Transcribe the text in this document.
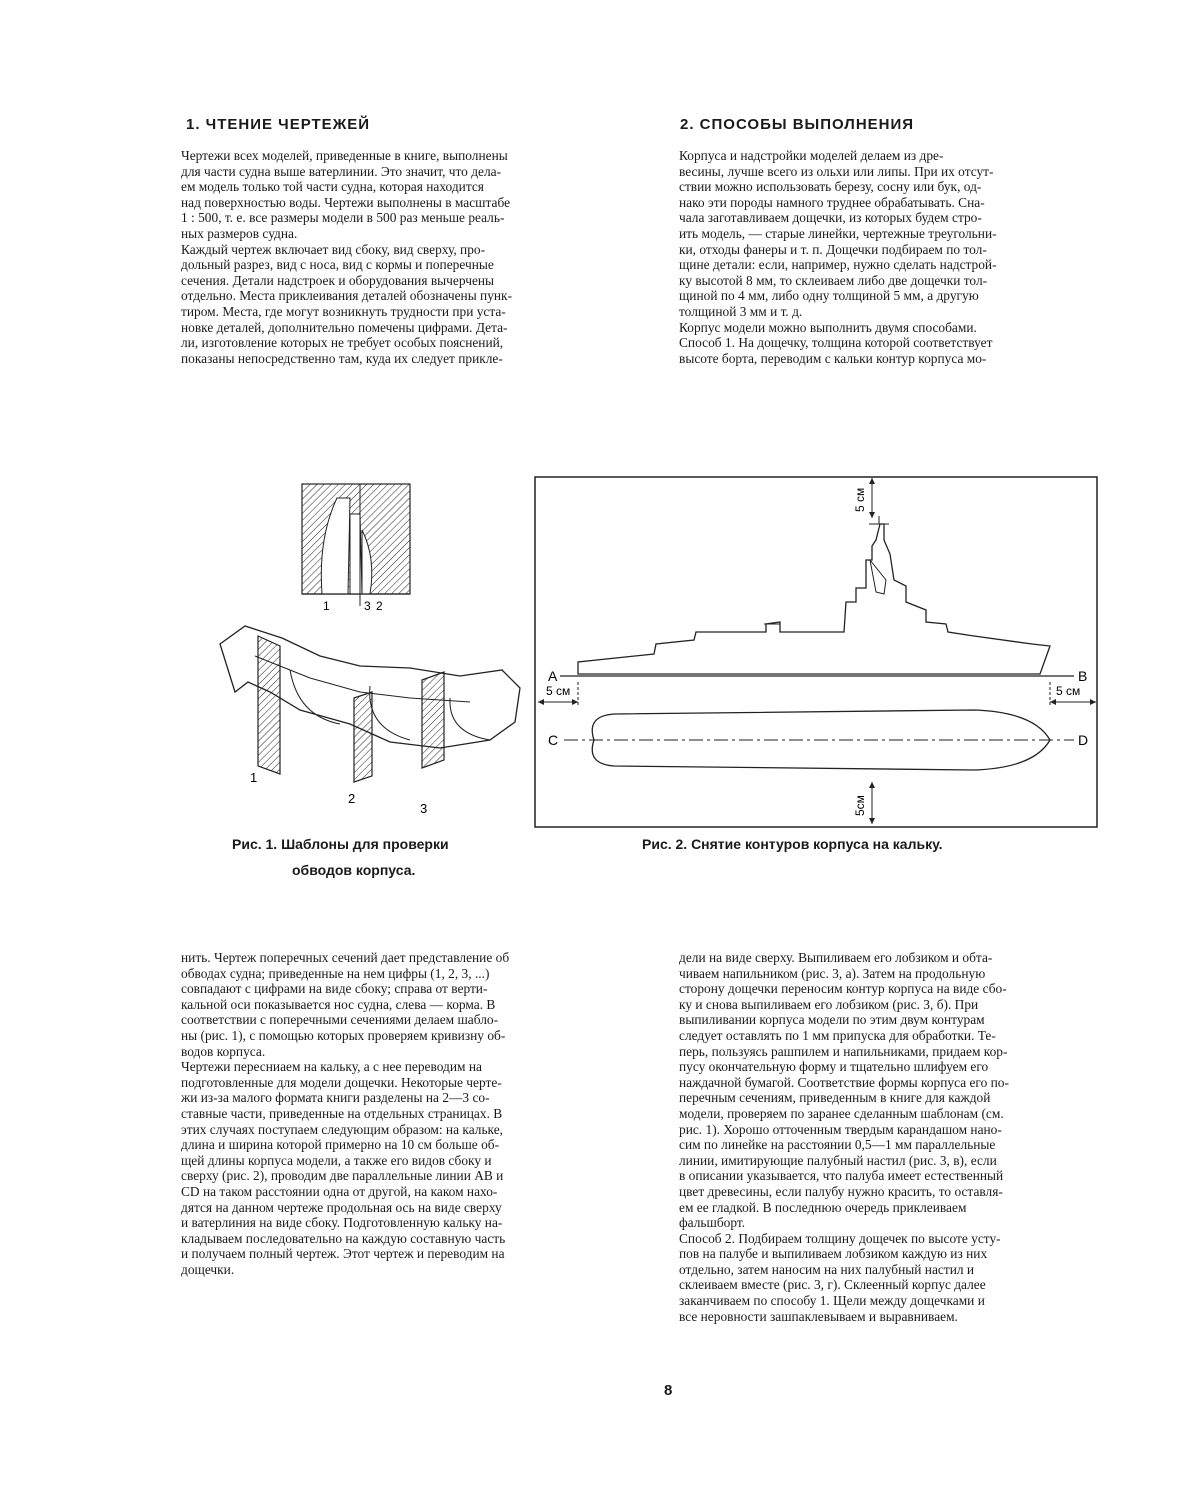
1. ЧТЕНИЕ ЧЕРТЕЖЕЙ	2. СПОСОБЫ ВЫПОЛНЕНИЯ

Чертежи всех моделей, приведенные в книге, выполнены
для части судна выше ватерлинии. Это значит, что дела-
ем модель только той части судна, которая находится
над поверхностью воды. Чертежи выполнены в масштабе
1 : 500, т. е. все размеры модели в 500 раз меньше реаль-
ных размеров судна.

Каждый чертеж включает вид сбоку, вид сверху, про-
дольный разрез, вид с носа, вид с кормы и поперечные
сечения. Детали надстроек и оборудования вычерчены
отдельно. Места приклеивания деталей обозначены пунк-
тиром. Места, где могут возникнуть трудности при уста-
новке деталей, дополнительно помечены цифрами. Дета-
ли, изготовление которых не требует особых пояснений,
показаны непосредственно там, куда их следует прикле-

Корпуса и надстройки моделей делаем из дре-
весины, лучше всего из ольхи или липы. При их отсут-
ствии можно использовать березу, сосну или бук, од-
нако эти породы намного труднее обрабатывать. Сна-
чала заготавливаем дощечки, из которых будем стро-
ить модель, — старые линейки, чертежные треугольни-
ки, отходы фанеры и т. п. Дощечки подбираем по тол-
щине детали: если, например, нужно сделать надстрой-
ку высотой 8 мм, то склеиваем либо две дощечки тол-
щиной по 4 мм, либо одну толщиной 5 мм, а другую
толщиной 3 мм и т. д.

Корпус модели можно выполнить двумя способами.

Способ 1. На дощечку, толщина которой соответствует
высоте борта, переводим с кальки контур корпуса мо-

1	3 2
1
2
3
Рис. 1. Шаблоны для проверки
обводов корпуса.
A	B
5 см	5 см
5 см
C	D
5см
Рис. 2. Снятие контуров корпуса на кальку.

нить. Чертеж поперечных сечений дает представление об
обводах судна; приведенные на нем цифры (1, 2, 3, ...)
совпадают с цифрами на виде сбоку; справа от верти-
кальной оси показывается нос судна, слева — корма. В
соответствии с поперечными сечениями делаем шабло-
ны (рис. 1), с помощью которых проверяем кривизну об-
водов корпуса.

Чертежи пересниаем на кальку, а с нее переводим на
подготовленные для модели дощечки. Некоторые черте-
жи из-за малого формата книги разделены на 2—3 со-
ставные части, приведенные на отдельных страницах. В
этих случаях поступаем следующим образом: на кальке,
длина и ширина которой примерно на 10 см больше об-
щей длины корпуса модели, а также его видов сбоку и
сверху (рис. 2), проводим две параллельные линии AB и
CD на таком расстоянии одна от другой, на каком нахо-
дятся на данном чертеже продольная ось на виде сверху
и ватерлиния на виде сбоку. Подготовленную кальку на-
кладываем последовательно на каждую составную часть
и получаем полный чертеж. Этот чертеж и переводим на
дощечки.

дели на виде сверху. Выпиливаем его лобзиком и обта-
чиваем напильником (рис. 3, а). Затем на продольную
сторону дощечки переносим контур корпуса на виде сбо-
ку и снова выпиливаем его лобзиком (рис. 3, б). При
выпиливании корпуса модели по этим двум контурам
следует оставлять по 1 мм припуска для обработки. Те-
перь, пользуясь рашпилем и напильниками, придаем кор-
пусу окончательную форму и тщательно шлифуем его
наждачной бумагой. Соответствие формы корпуса его по-
перечным сечениям, приведенным в книге для каждой
модели, проверяем по заранее сделанным шаблонам (см.
рис. 1). Хорошо отточенным твердым карандашом нано-
сим по линейке на расстоянии 0,5—1 мм параллельные
линии, имитирующие палубный настил (рис. 3, в), если
в описании указывается, что палуба имеет естественный
цвет древесины, если палубу нужно красить, то оставля-
ем ее гладкой. В последнюю очередь приклеиваем
фальшборт.

Способ 2. Подбираем толщину дощечек по высоте усту-
пов на палубе и выпиливаем лобзиком каждую из них
отдельно, затем наносим на них палубный настил и
склеиваем вместе (рис. 3, г). Склеенный корпус далее
заканчиваем по способу 1. Щели между дощечками и
все неровности зашпаклевываем и выравниваем.

8
